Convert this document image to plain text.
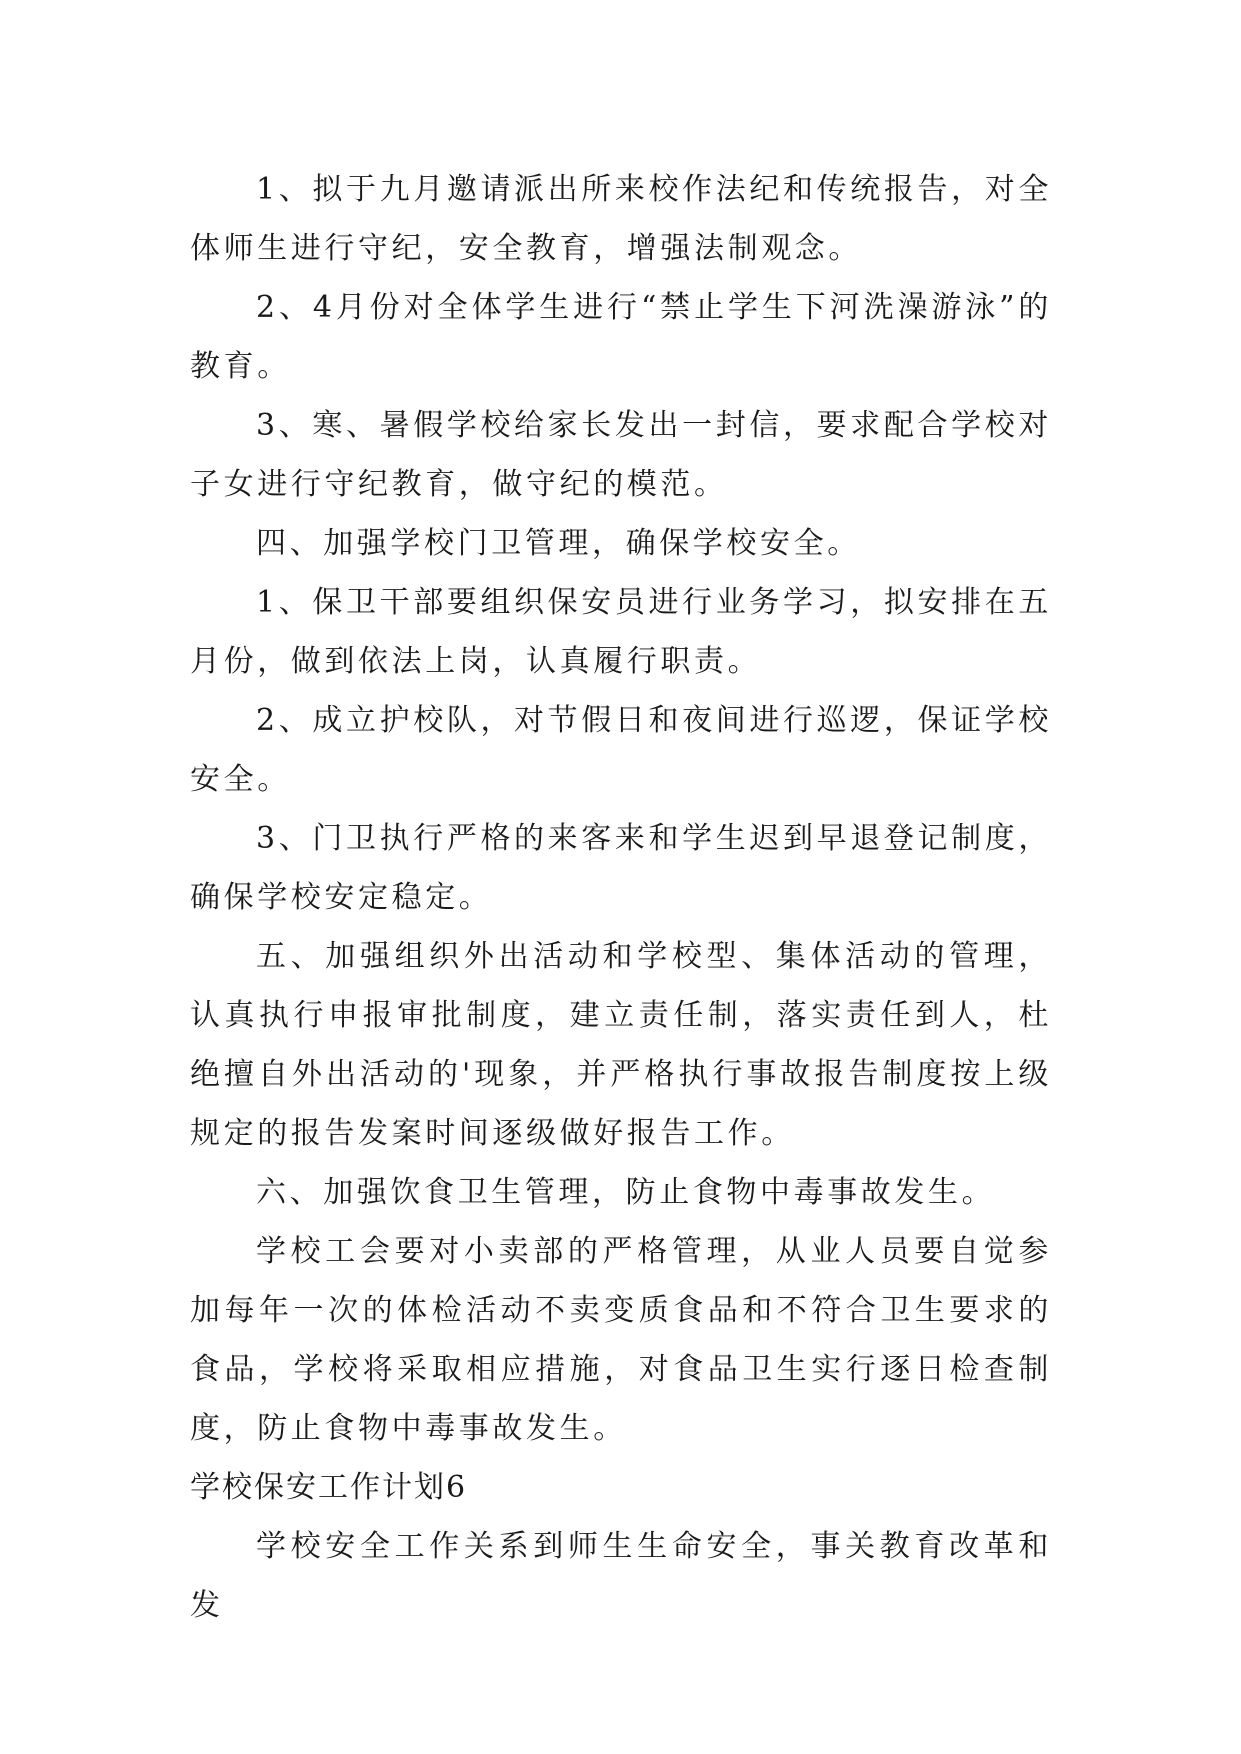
1、拟于九月邀请派出所来校作法纪和传统报告，对全体师生进行守纪，安全教育，增强法制观念。

2、4月份对全体学生进行“禁止学生下河洗澡游泳”的教育。

3、寒、暑假学校给家长发出一封信，要求配合学校对子女进行守纪教育，做守纪的模范。

四、加强学校门卫管理，确保学校安全。

1、保卫干部要组织保安员进行业务学习，拟安排在五月份，做到依法上岗，认真履行职责。

2、成立护校队，对节假日和夜间进行巡逻，保证学校安全。

3、门卫执行严格的来客来和学生迟到早退登记制度，确保学校安定稳定。

五、加强组织外出活动和学校型、集体活动的管理，认真执行申报审批制度，建立责任制，落实责任到人，杜绝擅自外出活动的'现象，并严格执行事故报告制度按上级规定的报告发案时间逐级做好报告工作。

六、加强饮食卫生管理，防止食物中毒事故发生。

学校工会要对小卖部的严格管理，从业人员要自觉参加每年一次的体检活动不卖变质食品和不符合卫生要求的食品，学校将采取相应措施，对食品卫生实行逐日检查制度，防止食物中毒事故发生。

学校保安工作计划6

学校安全工作关系到师生生命安全，事关教育改革和发
